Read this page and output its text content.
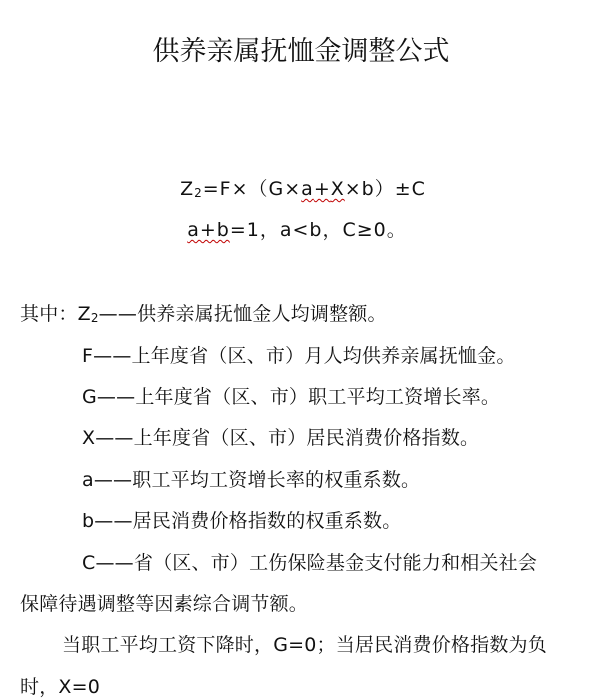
供养亲属抚恤金调整公式
$Z_2=F\times(G\times a+X\times b)\pm C$
a+b=1，a<b，C≥0。
其中：$Z_2——$供养亲属抚恤金人均调整额。
F——上年度省（区、市）月人均供养亲属抚恤金。
G——上年度省（区、市）职工平均工资增长率。
X——上年度省（区、市）居民消费价格指数。
a——职工平均工资增长率的权重系数。
b——居民消费价格指数的权重系数。
C——省（区、市）工伤保险基金支付能力和相关社会
保障待遇调整等因素综合调节额。
当职工平均工资下降时，G=0；当居民消费价格指数为负
时，X=0
